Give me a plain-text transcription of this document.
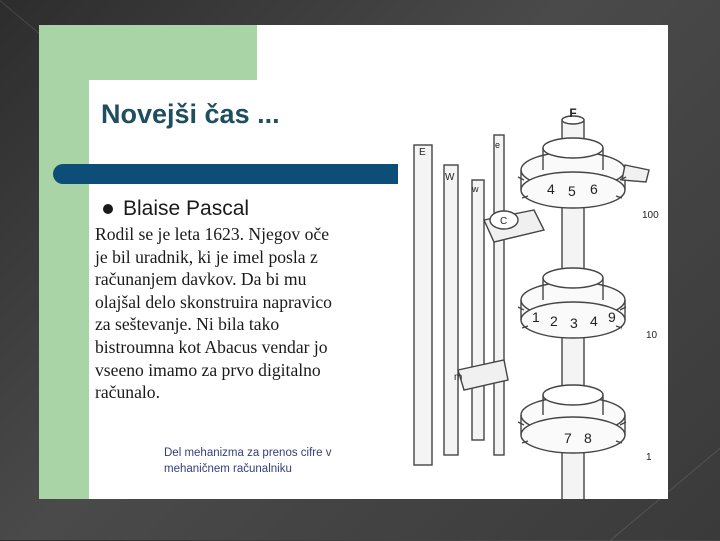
Novejši čas ...
Blaise Pascal

Rodil se je leta 1623. Njegov oče
je bil uradnik, ki je imel posla z
računanjem davkov. Da bi mu
olajšal delo skonstruira napravico
za seštevanje. Ni bila tako
bistroumna kot Abacus vendar jo
vseeno imamo za prvo digitalno
računalo.

Del mehanizma za prenos cifre v
mehaničnem računalniku

F
E
W
w
e
C
m
4 5 6
1 2 3 4 9
7 8
100
10
1
